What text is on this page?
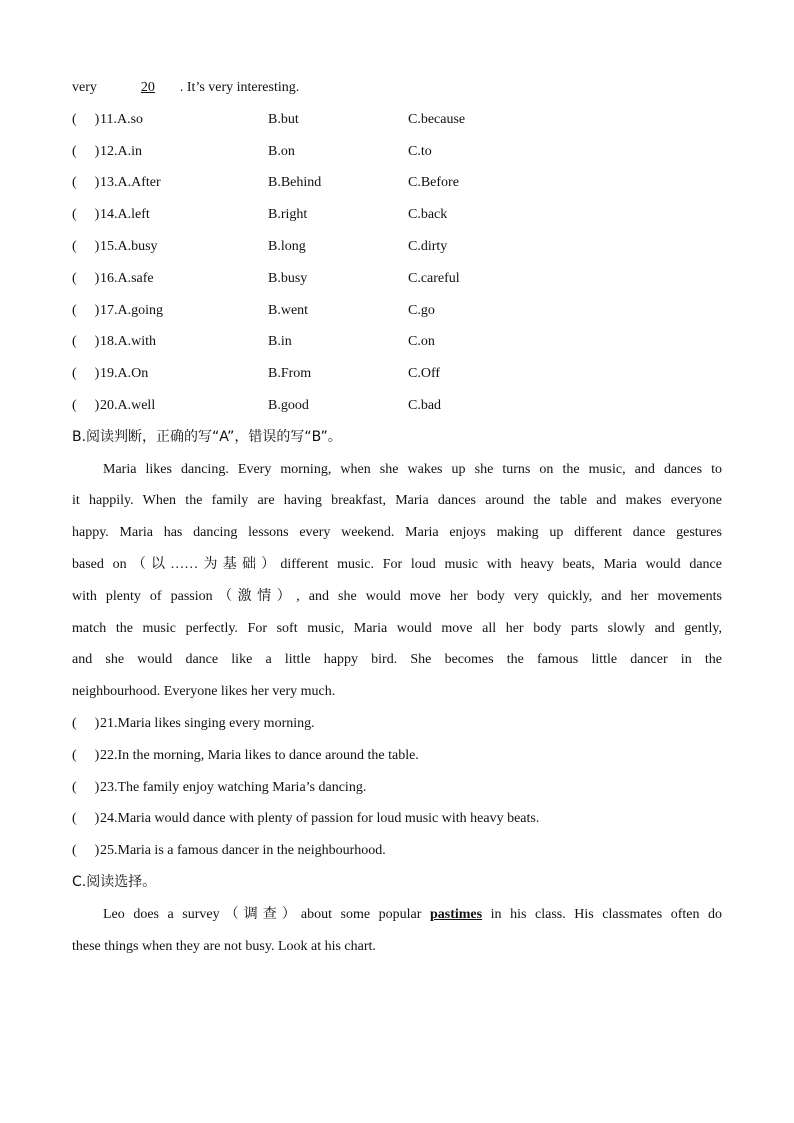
very	20 . It’s very interesting.
( ) 11.A.so	B.but	C.because
( ) 12.A.in	B.on	C.to
( ) 13.A.After	B.Behind	C.Before
( ) 14.A.left	B.right	C.back
( ) 15.A.busy	B.long	C.dirty
( ) 16.A.safe	B.busy	C.careful
( ) 17.A.going	B.went	C.go
( ) 18.A.with	B.in	C.on
( ) 19.A.On	B.From	C.Off
( ) 20.A.well	B.good	C.bad
B.阅读判断，正确的写“A”，错误的写“B”。
Maria likes dancing. Every morning, when she wakes up she turns on the music, and dances to
it happily. When the family are having breakfast, Maria dances around the table and makes everyone
happy. Maria has dancing lessons every weekend. Maria enjoys making up different dance gestures
based on（以……为基础）different music. For loud music with heavy beats, Maria would dance
with plenty of passion（激情）, and she would move her body very quickly, and her movements
match the music perfectly. For soft music, Maria would move all her body parts slowly and gently,
and she would dance like a little happy bird. She becomes the famous little dancer in the
neighbourhood. Everyone likes her very much.
( ) 21.Maria likes singing every morning.
( ) 22.In the morning, Maria likes to dance around the table.
( ) 23.The family enjoy watching Maria’s dancing.
( ) 24.Maria would dance with plenty of passion for loud music with heavy beats.
( ) 25.Maria is a famous dancer in the neighbourhood.
C.阅读选择。
Leo does a survey（调查）about some popular pastimes in his class. His classmates often do
these things when they are not busy. Look at his chart.
